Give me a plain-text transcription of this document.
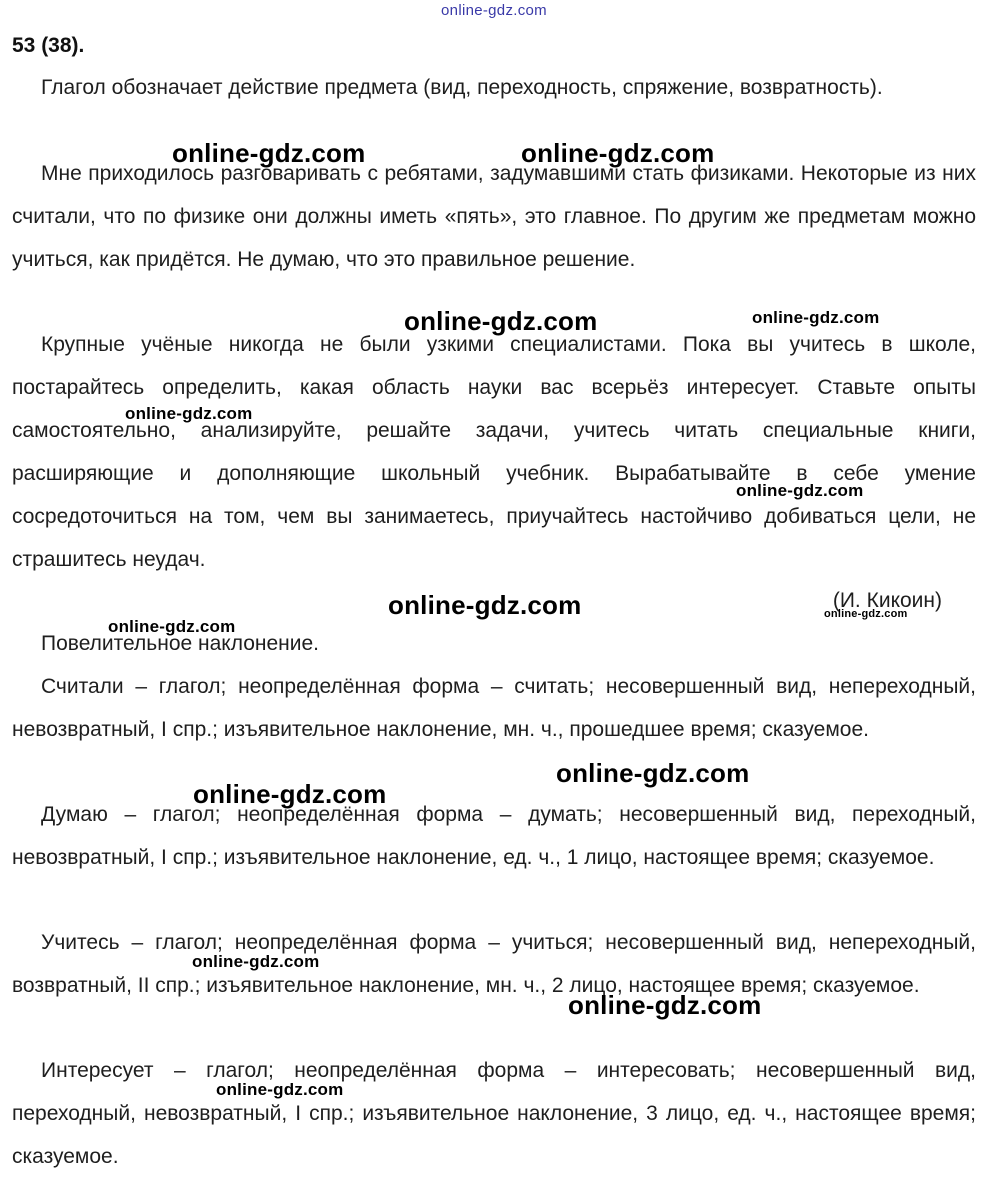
online-gdz.com
53 (38).

Глагол обозначает действие предмета (вид, переходность, спряжение, возвратность).

Мне приходилось разговаривать с ребятами, задумавшими стать физиками. Некоторые из них считали, что по физике они должны иметь «пять», это главное. По другим же предметам можно учиться, как придётся. Не думаю, что это правильное решение.

Крупные учёные никогда не были узкими специалистами. Пока вы учитесь в школе, постарайтесь определить, какая область науки вас всерьёз интересует. Ставьте опыты самостоятельно, анализируйте, решайте задачи, учитесь читать специальные книги, расширяющие и дополняющие школьный учебник. Вырабатывайте в себе умение сосредоточиться на том, чем вы занимаетесь, приучайтесь настойчиво добиваться цели, не страшитесь неудач.

(И. Кикоин)

Повелительное наклонение.

Считали – глагол; неопределённая форма – считать; несовершенный вид, непереходный, невозвратный, I спр.; изъявительное наклонение, мн. ч., прошедшее время; сказуемое.

Думаю – глагол; неопределённая форма – думать; несовершенный вид, переходный, невозвратный, I спр.; изъявительное наклонение, ед. ч., 1 лицо, настоящее время; сказуемое.

Учитесь – глагол; неопределённая форма – учиться; несовершенный вид, непереходный, возвратный, II спр.; изъявительное наклонение, мн. ч., 2 лицо, настоящее время; сказуемое.

Интересует – глагол; неопределённая форма – интересовать; несовершенный вид, переходный, невозвратный, I спр.; изъявительное наклонение, 3 лицо, ед. ч., настоящее время; сказуемое.

online-gdz.com	online-gdz.com
online-gdz.com	online-gdz.com
online-gdz.com
online-gdz.com
online-gdz.com
online-gdz.com
online-gdz.com
online-gdz.com
online-gdz.com
online-gdz.com
online-gdz.com
online-gdz.com
